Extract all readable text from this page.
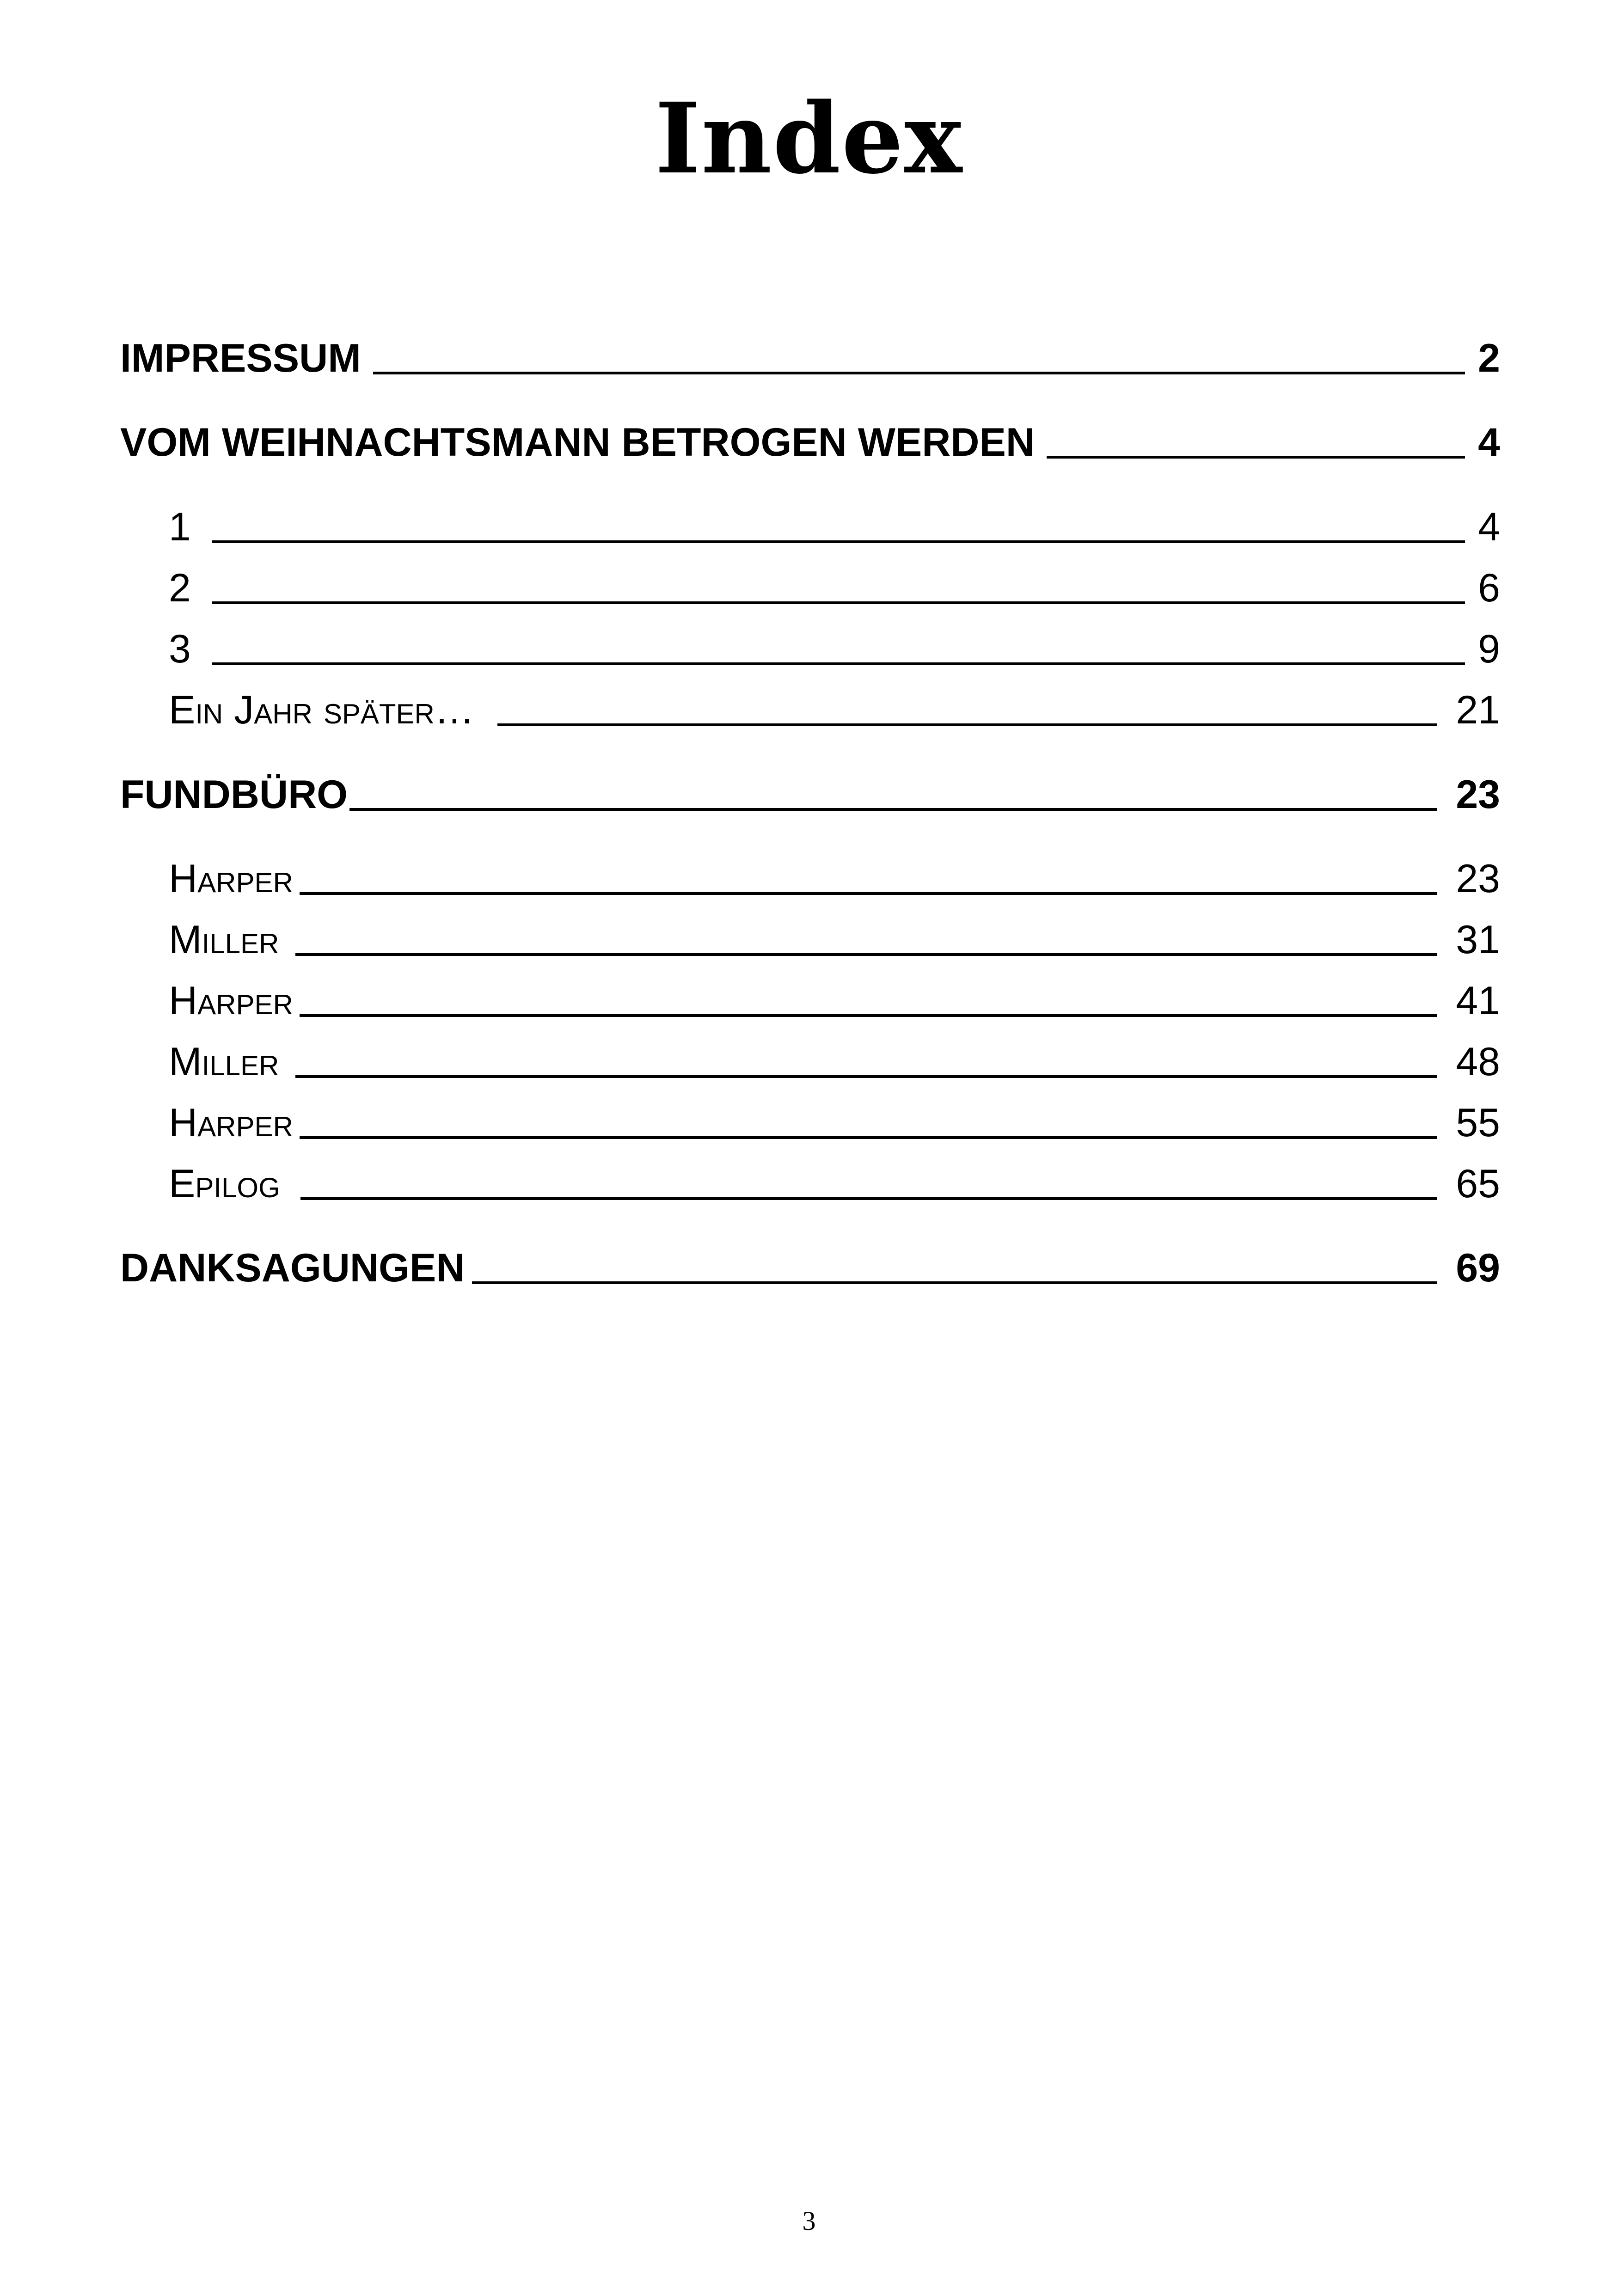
Index
IMPRESSUM	2
VOM WEIHNACHTSMANN BETROGEN WERDEN	4
1	4
2	6
3	9
Ein Jahr später…	21
FUNDBÜRO	23
Harper	23
Miller	31
Harper	41
Miller	48
Harper	55
Epilog	65
DANKSAGUNGEN	69
3
